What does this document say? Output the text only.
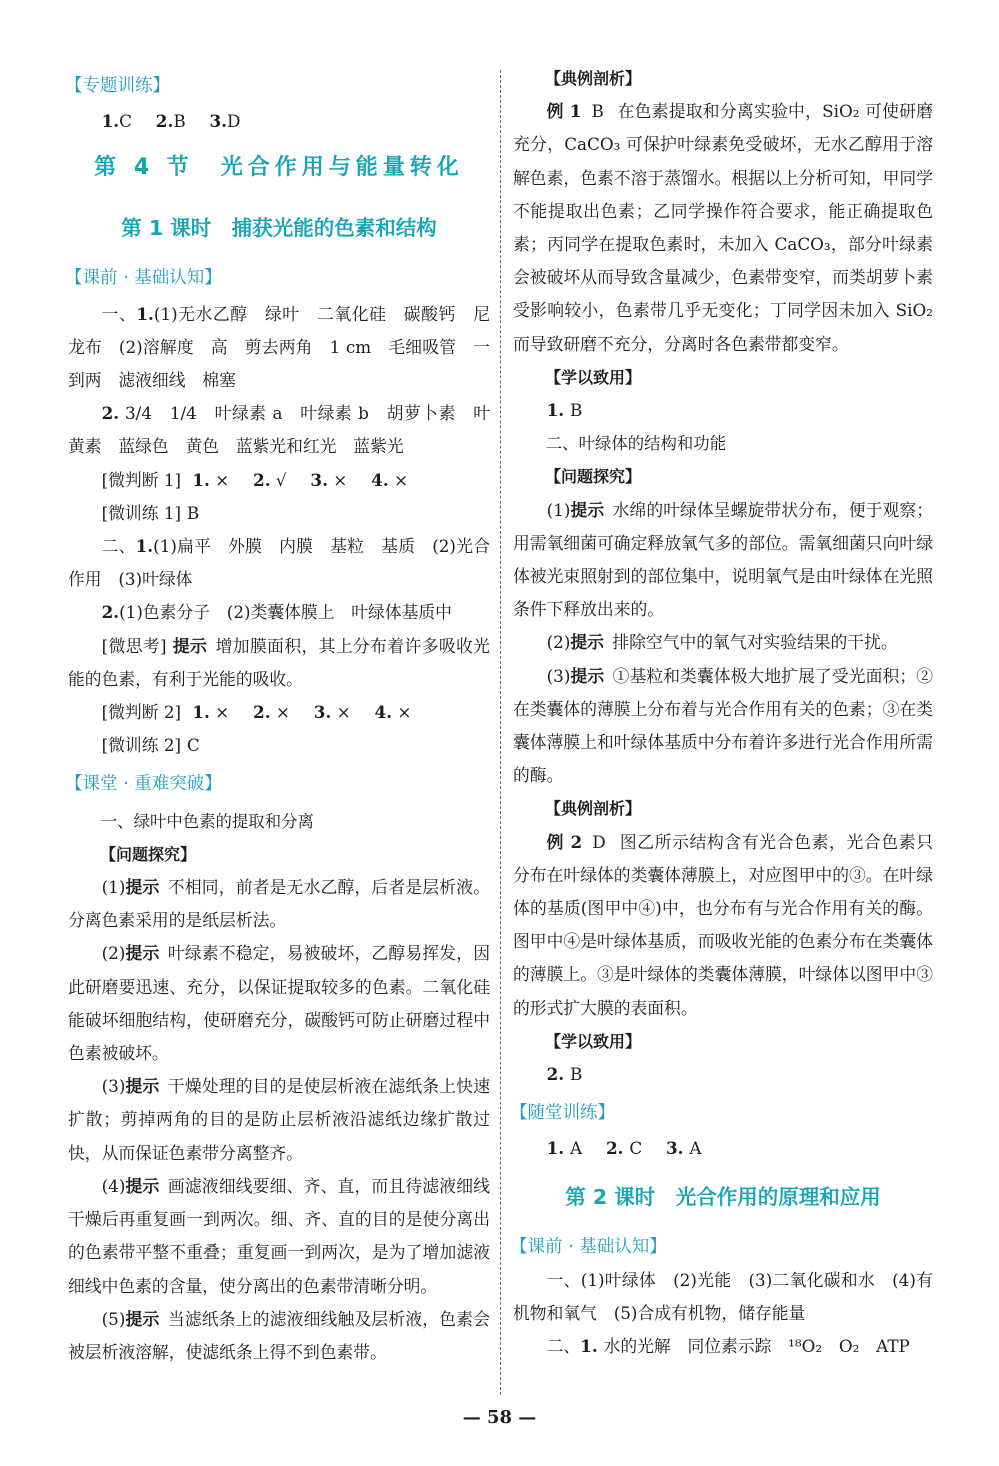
【专题训练】

1.C 2.B 3.D

第 4 节　光合作用与能量转化
第 1 课时　捕获光能的色素和结构
【课前 · 基础认知】

一、1.(1)无水乙醇　绿叶　二氧化硅　碳酸钙　尼龙布　(2)溶解度　高　剪去两角　1 cm　毛细吸管　一到两　滤液细线　棉塞

2. 3/4　1/4　叶绿素 a　叶绿素 b　胡萝卜素　叶黄素　蓝绿色　黄色　蓝紫光和红光　蓝紫光

[微判断 1] 1. × 2. √ 3. × 4. ×

[微训练 1] B

二、1.(1)扁平　外膜　内膜　基粒　基质　(2)光合作用　(3)叶绿体

2.(1)色素分子　(2)类囊体膜上　叶绿体基质中

[微思考] 提示 增加膜面积，其上分布着许多吸收光能的色素，有利于光能的吸收。

[微判断 2] 1. × 2. × 3. × 4. ×

[微训练 2] C

【课堂 · 重难突破】
一、绿叶中色素的提取和分离
【问题探究】

(1)提示 不相同，前者是无水乙醇，后者是层析液。分离色素采用的是纸层析法。

(2)提示 叶绿素不稳定，易被破坏，乙醇易挥发，因此研磨要迅速、充分，以保证提取较多的色素。二氧化硅能破坏细胞结构，使研磨充分，碳酸钙可防止研磨过程中色素被破坏。

(3)提示 干燥处理的目的是使层析液在滤纸条上快速扩散；剪掉两角的目的是防止层析液沿滤纸边缘扩散过快，从而保证色素带分离整齐。

(4)提示 画滤液细线要细、齐、直，而且待滤液细线干燥后再重复画一到两次。细、齐、直的目的是使分离出的色素带平整不重叠；重复画一到两次，是为了增加滤液细线中色素的含量，使分离出的色素带清晰分明。

(5)提示 当滤纸条上的滤液细线触及层析液，色素会被层析液溶解，使滤纸条上得不到色素带。

【典例剖析】

例 1 B 在色素提取和分离实验中，SiO₂ 可使研磨充分，CaCO₃ 可保护叶绿素免受破坏，无水乙醇用于溶解色素，色素不溶于蒸馏水。根据以上分析可知，甲同学不能提取出色素；乙同学操作符合要求，能正确提取色素；丙同学在提取色素时，未加入 CaCO₃，部分叶绿素会被破坏从而导致含量减少，色素带变窄，而类胡萝卜素受影响较小，色素带几乎无变化；丁同学因未加入 SiO₂ 而导致研磨不充分，分离时各色素带都变窄。

【学以致用】

1. B

二、叶绿体的结构和功能
【问题探究】

(1)提示 水绵的叶绿体呈螺旋带状分布，便于观察；用需氧细菌可确定释放氧气多的部位。需氧细菌只向叶绿体被光束照射到的部位集中，说明氧气是由叶绿体在光照条件下释放出来的。

(2)提示 排除空气中的氧气对实验结果的干扰。

(3)提示 ①基粒和类囊体极大地扩展了受光面积；②在类囊体的薄膜上分布着与光合作用有关的色素；③在类囊体薄膜上和叶绿体基质中分布着许多进行光合作用所需的酶。

【典例剖析】

例 2 D 图乙所示结构含有光合色素，光合色素只分布在叶绿体的类囊体薄膜上，对应图甲中的③。在叶绿体的基质(图甲中④)中，也分布有与光合作用有关的酶。图甲中④是叶绿体基质，而吸收光能的色素分布在类囊体的薄膜上。③是叶绿体的类囊体薄膜，叶绿体以图甲中③的形式扩大膜的表面积。

【学以致用】

2. B

【随堂训练】

1. A 2. C 3. A

第 2 课时　光合作用的原理和应用
【课前 · 基础认知】

一、(1)叶绿体　(2)光能　(3)二氧化碳和水　(4)有机物和氧气　(5)合成有机物，储存能量

二、1. 水的光解　同位素示踪　¹⁸O₂　O₂　ATP

— 58 —
